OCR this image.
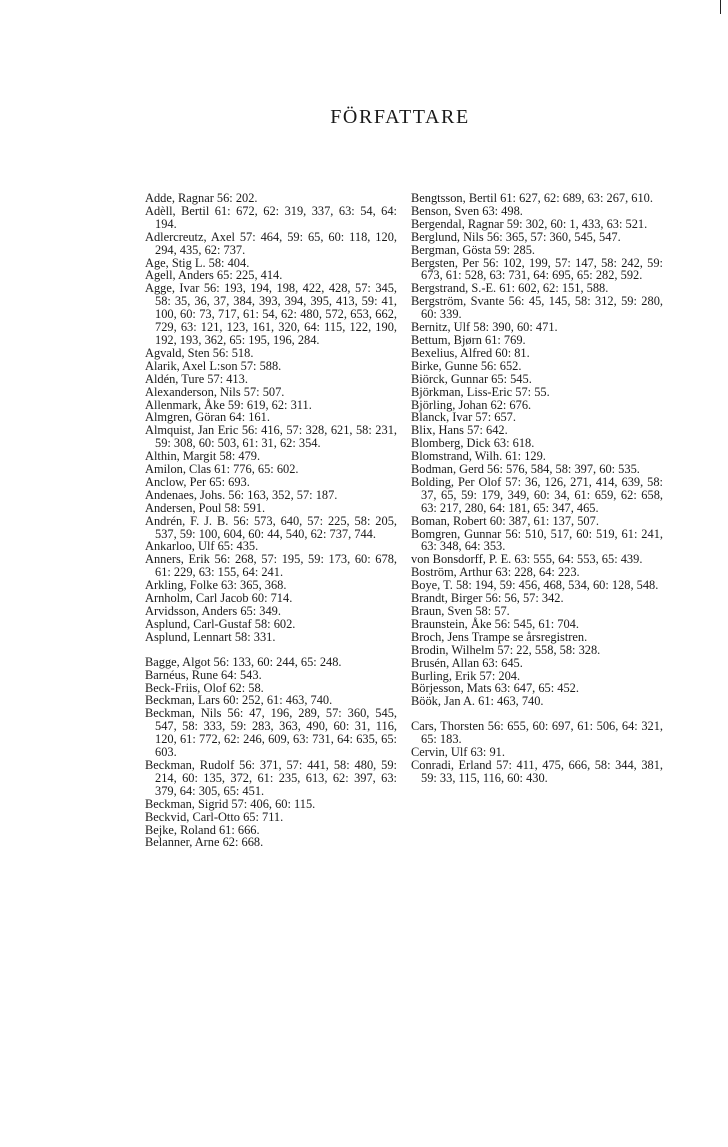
FÖRFATTARE
Adde, Ragnar 56: 202.
Adèll, Bertil 61: 672, 62: 319, 337, 63: 54, 64: 194.
Adlercreutz, Axel 57: 464, 59: 65, 60: 118, 120, 294, 435, 62: 737.
Age, Stig L. 58: 404.
Agell, Anders 65: 225, 414.
Agge, Ivar 56: 193, 194, 198, 422, 428, 57: 345, 58: 35, 36, 37, 384, 393, 394, 395, 413, 59: 41, 100, 60: 73, 717, 61: 54, 62: 480, 572, 653, 662, 729, 63: 121, 123, 161, 320, 64: 115, 122, 190, 192, 193, 362, 65: 195, 196, 284.
Agvald, Sten 56: 518.
Alarik, Axel L:son 57: 588.
Aldén, Ture 57: 413.
Alexanderson, Nils 57: 507.
Allenmark, Åke 59: 619, 62: 311.
Almgren, Göran 64: 161.
Almquist, Jan Eric 56: 416, 57: 328, 621, 58: 231, 59: 308, 60: 503, 61: 31, 62: 354.
Althin, Margit 58: 479.
Amilon, Clas 61: 776, 65: 602.
Anclow, Per 65: 693.
Andenaes, Johs. 56: 163, 352, 57: 187.
Andersen, Poul 58: 591.
Andrén, F. J. B. 56: 573, 640, 57: 225, 58: 205, 537, 59: 100, 604, 60: 44, 540, 62: 737, 744.
Ankarloo, Ulf 65: 435.
Anners, Erik 56: 268, 57: 195, 59: 173, 60: 678, 61: 229, 63: 155, 64: 241.
Arkling, Folke 63: 365, 368.
Arnholm, Carl Jacob 60: 714.
Arvidsson, Anders 65: 349.
Asplund, Carl-Gustaf 58: 602.
Asplund, Lennart 58: 331.
Bagge, Algot 56: 133, 60: 244, 65: 248.
Barnéus, Rune 64: 543.
Beck-Friis, Olof 62: 58.
Beckman, Lars 60: 252, 61: 463, 740.
Beckman, Nils 56: 47, 196, 289, 57: 360, 545, 547, 58: 333, 59: 283, 363, 490, 60: 31, 116, 120, 61: 772, 62: 246, 609, 63: 731, 64: 635, 65: 603.
Beckman, Rudolf 56: 371, 57: 441, 58: 480, 59: 214, 60: 135, 372, 61: 235, 613, 62: 397, 63: 379, 64: 305, 65: 451.
Beckman, Sigrid 57: 406, 60: 115.
Beckvid, Carl-Otto 65: 711.
Bejke, Roland 61: 666.
Belanner, Arne 62: 668.
Bengtsson, Bertil 61: 627, 62: 689, 63: 267, 610.
Benson, Sven 63: 498.
Bergendal, Ragnar 59: 302, 60: 1, 433, 63: 521.
Berglund, Nils 56: 365, 57: 360, 545, 547.
Bergman, Gösta 59: 285.
Bergsten, Per 56: 102, 199, 57: 147, 58: 242, 59: 673, 61: 528, 63: 731, 64: 695, 65: 282, 592.
Bergstrand, S.-E. 61: 602, 62: 151, 588.
Bergström, Svante 56: 45, 145, 58: 312, 59: 280, 60: 339.
Bernitz, Ulf 58: 390, 60: 471.
Bettum, Bjørn 61: 769.
Bexelius, Alfred 60: 81.
Birke, Gunne 56: 652.
Biörck, Gunnar 65: 545.
Björkman, Liss-Eric 57: 55.
Björling, Johan 62: 676.
Blanck, Ivar 57: 657.
Blix, Hans 57: 642.
Blomberg, Dick 63: 618.
Blomstrand, Wilh. 61: 129.
Bodman, Gerd 56: 576, 584, 58: 397, 60: 535.
Bolding, Per Olof 57: 36, 126, 271, 414, 639, 58: 37, 65, 59: 179, 349, 60: 34, 61: 659, 62: 658, 63: 217, 280, 64: 181, 65: 347, 465.
Boman, Robert 60: 387, 61: 137, 507.
Bomgren, Gunnar 56: 510, 517, 60: 519, 61: 241, 63: 348, 64: 353.
von Bonsdorff, P. E. 63: 555, 64: 553, 65: 439.
Boström, Arthur 63: 228, 64: 223.
Boye, T. 58: 194, 59: 456, 468, 534, 60: 128, 548.
Brandt, Birger 56: 56, 57: 342.
Braun, Sven 58: 57.
Braunstein, Åke 56: 545, 61: 704.
Broch, Jens Trampe se årsregistren.
Brodin, Wilhelm 57: 22, 558, 58: 328.
Brusén, Allan 63: 645.
Burling, Erik 57: 204.
Börjesson, Mats 63: 647, 65: 452.
Böök, Jan A. 61: 463, 740.
Cars, Thorsten 56: 655, 60: 697, 61: 506, 64: 321, 65: 183.
Cervin, Ulf 63: 91.
Conradi, Erland 57: 411, 475, 666, 58: 344, 381, 59: 33, 115, 116, 60: 430.
